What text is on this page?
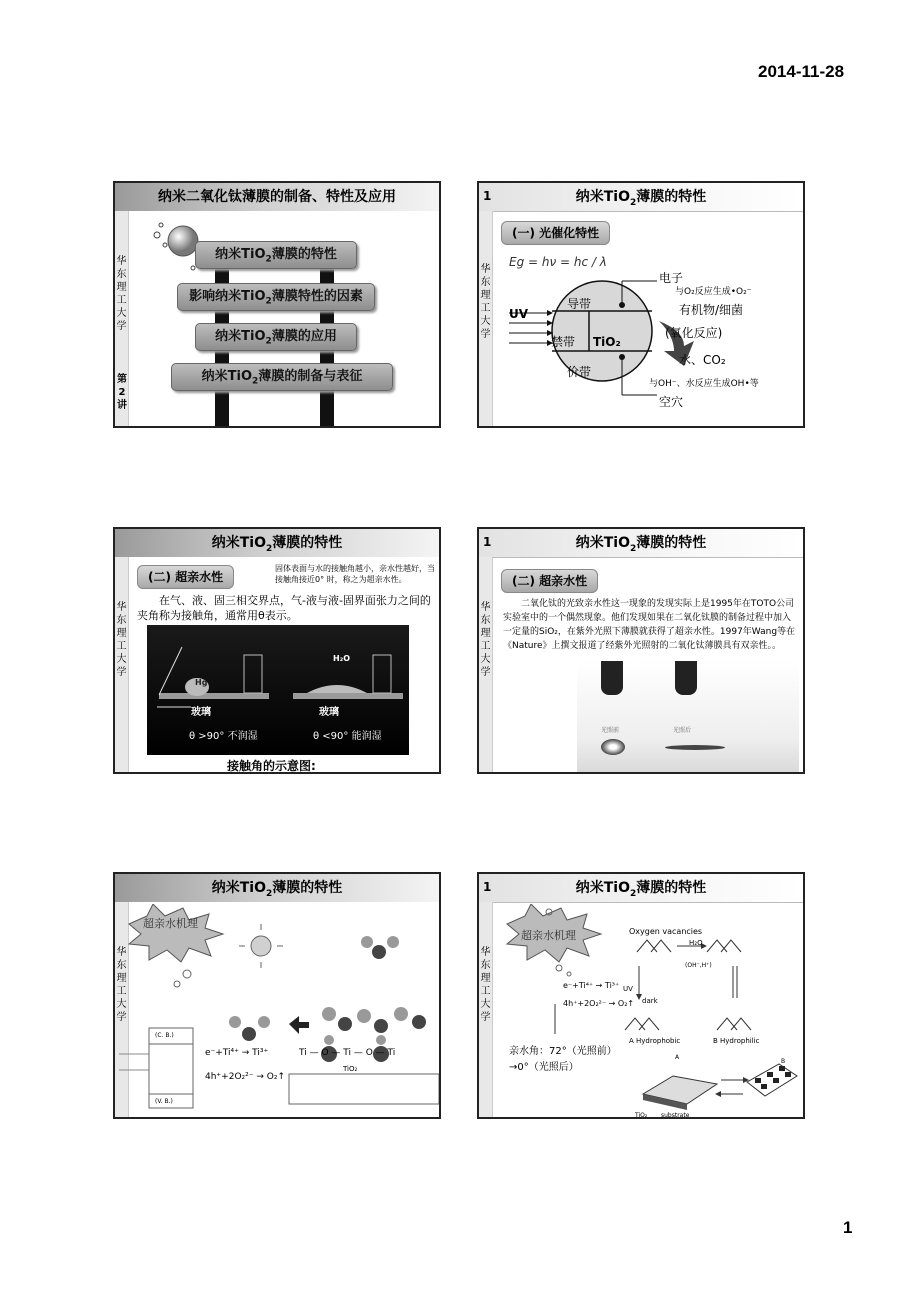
2014-11-28
1
纳米二氧化钛薄膜的制备、特性及应用
华
东
理
工
大
学
第
2
讲
纳米TiO$_2$薄膜的特性
影响纳米TiO$_2$薄膜特性的因素
纳米TiO$_2$薄膜的应用
纳米TiO$_2$薄膜的制备与表征
纳米TiO$_2$薄膜的特性
1
华
东
理
工
大
学
(一) 光催化特性
Eg = hν = hc / λ
UV
导带
禁带 TiO₂
价带
电子
与O₂反应生成•O₂⁻
有机物/细菌
(氧化反应)
水、CO₂
与OH⁻、水反应生成OH•等
空穴
纳米TiO$_2$薄膜的特性
华
东
理
工
大
学
(二) 超亲水性
固体表面与水的接触角越小，亲水性越好，当接触角接近0° 时，称之为超亲水性。
在气、液、固三相交界点，气-液与液-固界面张力之间的夹角称为接触角，通常用θ表示。
Hg
H₂O
玻璃	玻璃
θ >90° 不润湿	θ <90° 能润湿
接触角的示意图:
纳米TiO$_2$薄膜的特性
1
华
东
理
工
大
学
(二) 超亲水性
二氧化钛的光致亲水性这一现象的发现实际上是1995年在TOTO公司实验室中的一个偶然现象。他们发现如果在二氧化钛膜的制备过程中加入一定量的SiO₂，在紫外光照下薄膜就获得了超亲水性。1997年Wang等在《Nature》上撰文报道了经紫外光照射的二氧化钛薄膜具有双亲性。。
光照前	光照后
纳米TiO$_2$薄膜的特性
华
东
理
工
大
学
超亲水机理
(C. B.)
(V. B.)
e⁻+Ti⁴⁺ → Ti³⁺
4h⁺+2O₂²⁻ → O₂↑
Ti — O — Ti — O — Ti
TiO₂
纳米TiO$_2$薄膜的特性
1
华
东
理
工
大
学
超亲水机理	Oxygen vacancies
H₂O
(OH⁻,H⁺)
UV
dark
A Hydrophobic	B Hydrophilic
e⁻+Ti⁴⁺ → Ti³⁺
4h⁺+2O₂²⁻ → O₂↑
亲水角：72°（光照前）
→0°（光照后）
TiO₂ substrate
A
B
